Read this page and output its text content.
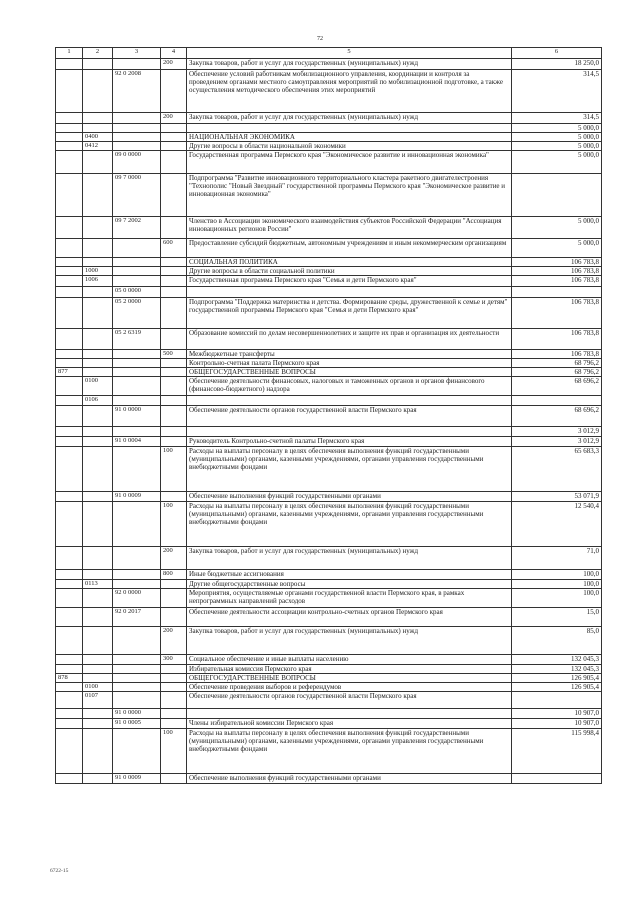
72
1	2	3	4	5	6
			200	Закупка товаров, работ и услуг для государственных (муниципальных) нужд	18 250,0
		92 0 2008		Обеспечение условий работникам мобилизационного управления, координации и контроля за проведением органами местного самоуправления мероприятий по мобилизационной подготовке, а также осуществления методического обеспечения этих мероприятий	314,5
			200	Закупка товаров, работ и услуг для государственных (муниципальных) нужд	314,5
					5 000,0
	0400			НАЦИОНАЛЬНАЯ ЭКОНОМИКА	5 000,0
	0412			Другие вопросы в области национальной экономики	5 000,0
		09 0 0000		Государственная программа Пермского края "Экономическое развитие и инновационная экономика"	5 000,0
		09 7 0000		Подпрограмма "Развитие инновационного территориального кластера ракетного двигателестроения "Технополис "Новый Звездный" государственной программы Пермского края "Экономическое развитие и инновационная экономика"	
		09 7 2002		Членство в Ассоциации экономического взаимодействия субъектов Российской Федерации "Ассоциация инновационных регионов России"	5 000,0
			600	Предоставление субсидий бюджетным, автономным учреждениям и иным некоммерческим организациям	5 000,0
				СОЦИАЛЬНАЯ ПОЛИТИКА	106 783,8
	1000			Другие вопросы в области социальной политики	106 783,8
	1006			Государственная программа Пермского края "Семья и дети Пермского края"	106 783,8
		05 0 0000			
		05 2 0000		Подпрограмма "Поддержка материнства и детства. Формирование среды, дружественной к семье и детям" государственной программы Пермского края "Семья и дети Пермского края"	106 783,8
		05 2 6319		Образование комиссий по делам несовершеннолетних и защите их прав и организация их деятельности	106 783,8
			500	Межбюджетные трансферты	106 783,8
				Контрольно-счетная палата Пермского края	68 796,2
877				ОБЩЕГОСУДАРСТВЕННЫЕ ВОПРОСЫ	68 796,2
	0100			Обеспечение деятельности финансовых, налоговых и таможенных органов и органов финансового (финансово-бюджетного) надзора	68 696,2
	0106				
		91 0 0000		Обеспечение деятельности органов государственной власти Пермского края	68 696,2
					3 012,9
		91 0 0004		Руководитель Контрольно-счетной палаты Пермского края	3 012,9
			100	Расходы на выплаты персоналу в целях обеспечения выполнения функций государственными (муниципальными) органами, казенными учреждениями, органами управления государственными внебюджетными фондами	65 683,3
		91 0 0009		Обеспечение выполнения функций государственными органами	53 071,9
			100	Расходы на выплаты персоналу в целях обеспечения выполнения функций государственными (муниципальными) органами, казенными учреждениями, органами управления государственными внебюджетными фондами	12 540,4
			200	Закупка товаров, работ и услуг для государственных (муниципальных) нужд	71,0
			800	Иные бюджетные ассигнования	100,0
	0113			Другие общегосударственные вопросы	100,0
		92 0 0000		Мероприятия, осуществляемые органами государственной власти Пермского края, в рамках непрограммных направлений расходов	100,0
		92 0 2017		Обеспечение деятельности ассоциации контрольно-счетных органов Пермского края	15,0
			200	Закупка товаров, работ и услуг для государственных (муниципальных) нужд	85,0
			300	Социальное обеспечение и иные выплаты населению	132 045,3
				Избирательная комиссия Пермского края	132 045,3
878				ОБЩЕГОСУДАРСТВЕННЫЕ ВОПРОСЫ	126 905,4
	0100			Обеспечение проведения выборов и референдумов	126 905,4
	0107			Обеспечение деятельности органов государственной власти Пермского края	
		91 0 0000			10 907,0
		91 0 0005		Члены избирательной комиссии Пермского края	10 907,0
			100	Расходы на выплаты персоналу в целях обеспечения выполнения функций государственными (муниципальными) органами, казенными учреждениями, органами управления государственными внебюджетными фондами	115 998,4
		91 0 0009		Обеспечение выполнения функций государственными органами	
6722-15
